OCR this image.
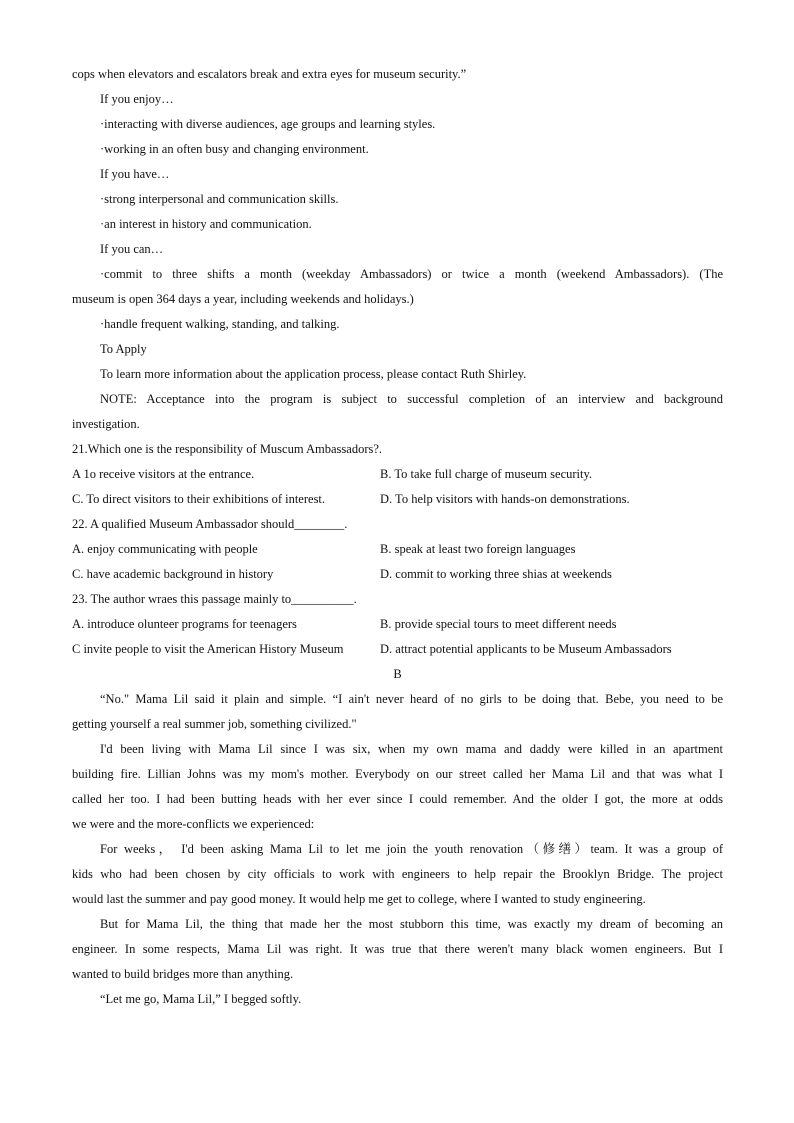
cops when elevators and escalators break and extra eyes for museum security.”

If you enjoy…

·interacting with diverse audiences, age groups and learning styles.

·working in an often busy and changing environment.

If you have…

·strong interpersonal and communication skills.

·an interest in history and communication.

If you can…

·commit to three shifts a month (weekday Ambassadors) or twice a month (weekend Ambassadors). (The

museum is open 364 days a year, including weekends and holidays.)

·handle frequent walking, standing, and talking.

To Apply

To learn more information about the application process, please contact Ruth Shirley.

NOTE: Acceptance into the program is subject to successful completion of an interview and background

investigation.

21.Which one is the responsibility of Muscum Ambassadors?.

A 1o receive visitors at the entrance.	B. To take full charge of museum security.
C. To direct visitors to their exhibitions of interest.	D. To help visitors with hands-on demonstrations.

22. A qualified Museum Ambassador should________.

A. enjoy communicating with people	B. speak at least two foreign languages
C. have academic background in history	D. commit to working three shias at weekends

23. The author wraes this passage mainly to__________.

A. introduce olunteer programs for teenagers	B. provide special tours to meet different needs
C invite people to visit the American History Museum	D. attract potential applicants to be Museum Ambassadors

B

“No." Mama Lil said it plain and simple. “I ain't never heard of no girls to be doing that. Bebe, you need to be

getting yourself a real summer job, something civilized."

I'd been living with Mama Lil since I was six, when my own mama and daddy were killed in an apartment

building fire. Lillian Johns was my mom's mother. Everybody on our street called her Mama Lil and that was what I

called her too. I had been butting heads with her ever since I could remember. And the older I got, the more at odds

we were and the more-conflicts we experienced:

For weeks， I'd been asking Mama Lil to let me join the youth renovation（修缮）team. It was a group of

kids who had been chosen by city officials to work with engineers to help repair the Brooklyn Bridge. The project

would last the summer and pay good money. It would help me get to college, where I wanted to study engineering.

But for Mama Lil, the thing that made her the most stubborn this time, was exactly my dream of becoming an

engineer. In some respects, Mama Lil was right. It was true that there weren't many black women engineers. But I

wanted to build bridges more than anything.

“Let me go, Mama Lil,” I begged softly.
